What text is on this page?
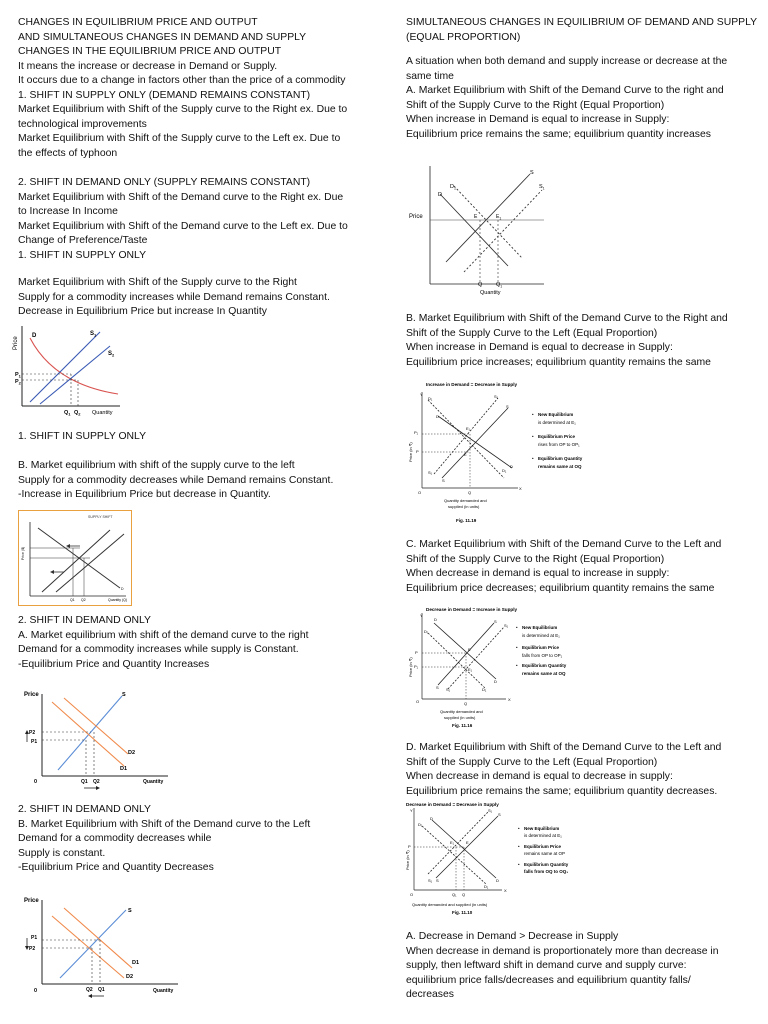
CHANGES IN EQUILIBRIUM PRICE AND OUTPUT
AND SIMULTANEOUS CHANGES IN DEMAND AND SUPPLY
CHANGES IN THE EQUILIBRIUM PRICE AND OUTPUT
It means the increase or decrease in Demand or Supply.
It occurs due to a change in factors other than the price of a commodity
1. SHIFT IN SUPPLY ONLY (DEMAND REMAINS CONSTANT)
Market Equilibrium with Shift of the Supply curve to the Right ex. Due to
technological improvements
Market Equilibrium with Shift of the Supply curve to the Left ex. Due to
the effects of typhoon
2. SHIFT IN DEMAND ONLY (SUPPLY REMAINS CONSTANT)
Market Equilibrium with Shift of the Demand curve to the Right ex. Due
to Increase In Income
Market Equilibrium with Shift of the Demand curve to the Left ex. Due to
Change of Preference/Taste
1. SHIFT IN SUPPLY ONLY
Market Equilibrium with Shift of the Supply curve to the Right
Supply for a commodity increases while Demand remains Constant.
Decrease in Equilibrium Price but increase In Quantity
Price
D	$S_1$
$S_2$
$P_1$
$P_2$
$Q_1$ $Q_2$ Quantity
1. SHIFT IN SUPPLY ONLY
B. Market equilibrium with shift of the supply curve to the left
Supply for a commodity decreases while Demand remains Constant.
-Increase in Equilibrium Price but decrease in Quantity.
SUPPLY SHIFT
Price ($)
Q1 Q2	Quantity (Q)
D
2. SHIFT IN DEMAND ONLY
A. Market equilibrium with shift of the demand curve to the right
Demand for a commodity increases while supply is Constant.
-Equilibrium Price and Quantity Increases
Price	S
D2
D1
P2
P1
0	Q1 Q2	Quantity
2. SHIFT IN DEMAND ONLY
B. Market Equilibrium with Shift of the Demand curve to the Left
Demand for a commodity decreases while
Supply is constant.
-Equilibrium Price and Quantity Decreases
Price
S
D1
D2
P1
P2
0	Q2 Q1	Quantity
SIMULTANEOUS CHANGES IN EQUILIBRIUM OF DEMAND AND SUPPLY
(EQUAL PROPORTION)
A situation when both demand and supply increase or decrease at the
same time
A. Market Equilibrium with Shift of the Demand Curve to the right and
Shift of the Supply Curve to the Right (Equal Proportion)
When increase in Demand is equal to increase in Supply:
Equilibrium price remains the same; equilibrium quantity increases
S
$S_1$
$D_1$
D
Price	E	$E_1$
Q $Q_1$
Quantity
B. Market Equilibrium with Shift of the Demand Curve to the Right and
Shift of the Supply Curve to the Left (Equal Proportion)
When increase in Demand is equal to decrease in Supply:
Equilibrium price increases; equilibrium quantity remains the same
Increase in Demand = Decrease in Supply
Y
X
O
Price (in ₹)
D₁
D
S₁
S
S₁
S
D₁
D
E₁
E
P₁
P
Q
Quantity demanded and
supplied (in units)
Fig. 11.19
• New Equilibrium
is determined at E₁
• Equilibrium Price
rises from OP to OP₁
• Equilibrium Quantity
remains same at OQ
C. Market Equilibrium with Shift of the Demand Curve to the Left and
Shift of the Supply Curve to the Right (Equal Proportion)
When decrease in demand is equal to increase in supply:
Equilibrium price decreases; equilibrium quantity remains the same
Decrease in Demand = Increase in Supply
Y
X
O
Price (in ₹)
D
D₁
S
S₁
S S₁
D
D₁
E
E₁
P
P₁
Q
Quantity demanded and
supplied (in units)
Fig. 11.16
• New Equilibrium
is determined at E₁
• Equilibrium Price
falls from OP to OP₁
• Equilibrium Quantity
remains same at OQ
D. Market Equilibrium with Shift of the Demand Curve to the Left and
Shift of the Supply Curve to the Left (Equal Proportion)
When decrease in demand is equal to decrease in supply:
Equilibrium price remains the same; equilibrium quantity decreases.
Decrease in Demand = Decrease in Supply
Y
X
O
Price (in ₹)
D
D₁
S
S₁
S₁ S	D
D₁
E₁	E
P
Q₁ Q
Quantity demanded and supplied (in units)
Fig. 11.10
• New Equilibrium
is determined at E₁
• Equilibrium Price
remains same at OP
• Equilibrium Quantity
falls from OQ to OQ₁
A. Decrease in Demand > Decrease in Supply
When decrease in demand is proportionately more than decrease in
supply, then leftward shift in demand curve and supply curve:
equilibrium price falls/decreases and equilibrium quantity falls/
decreases
